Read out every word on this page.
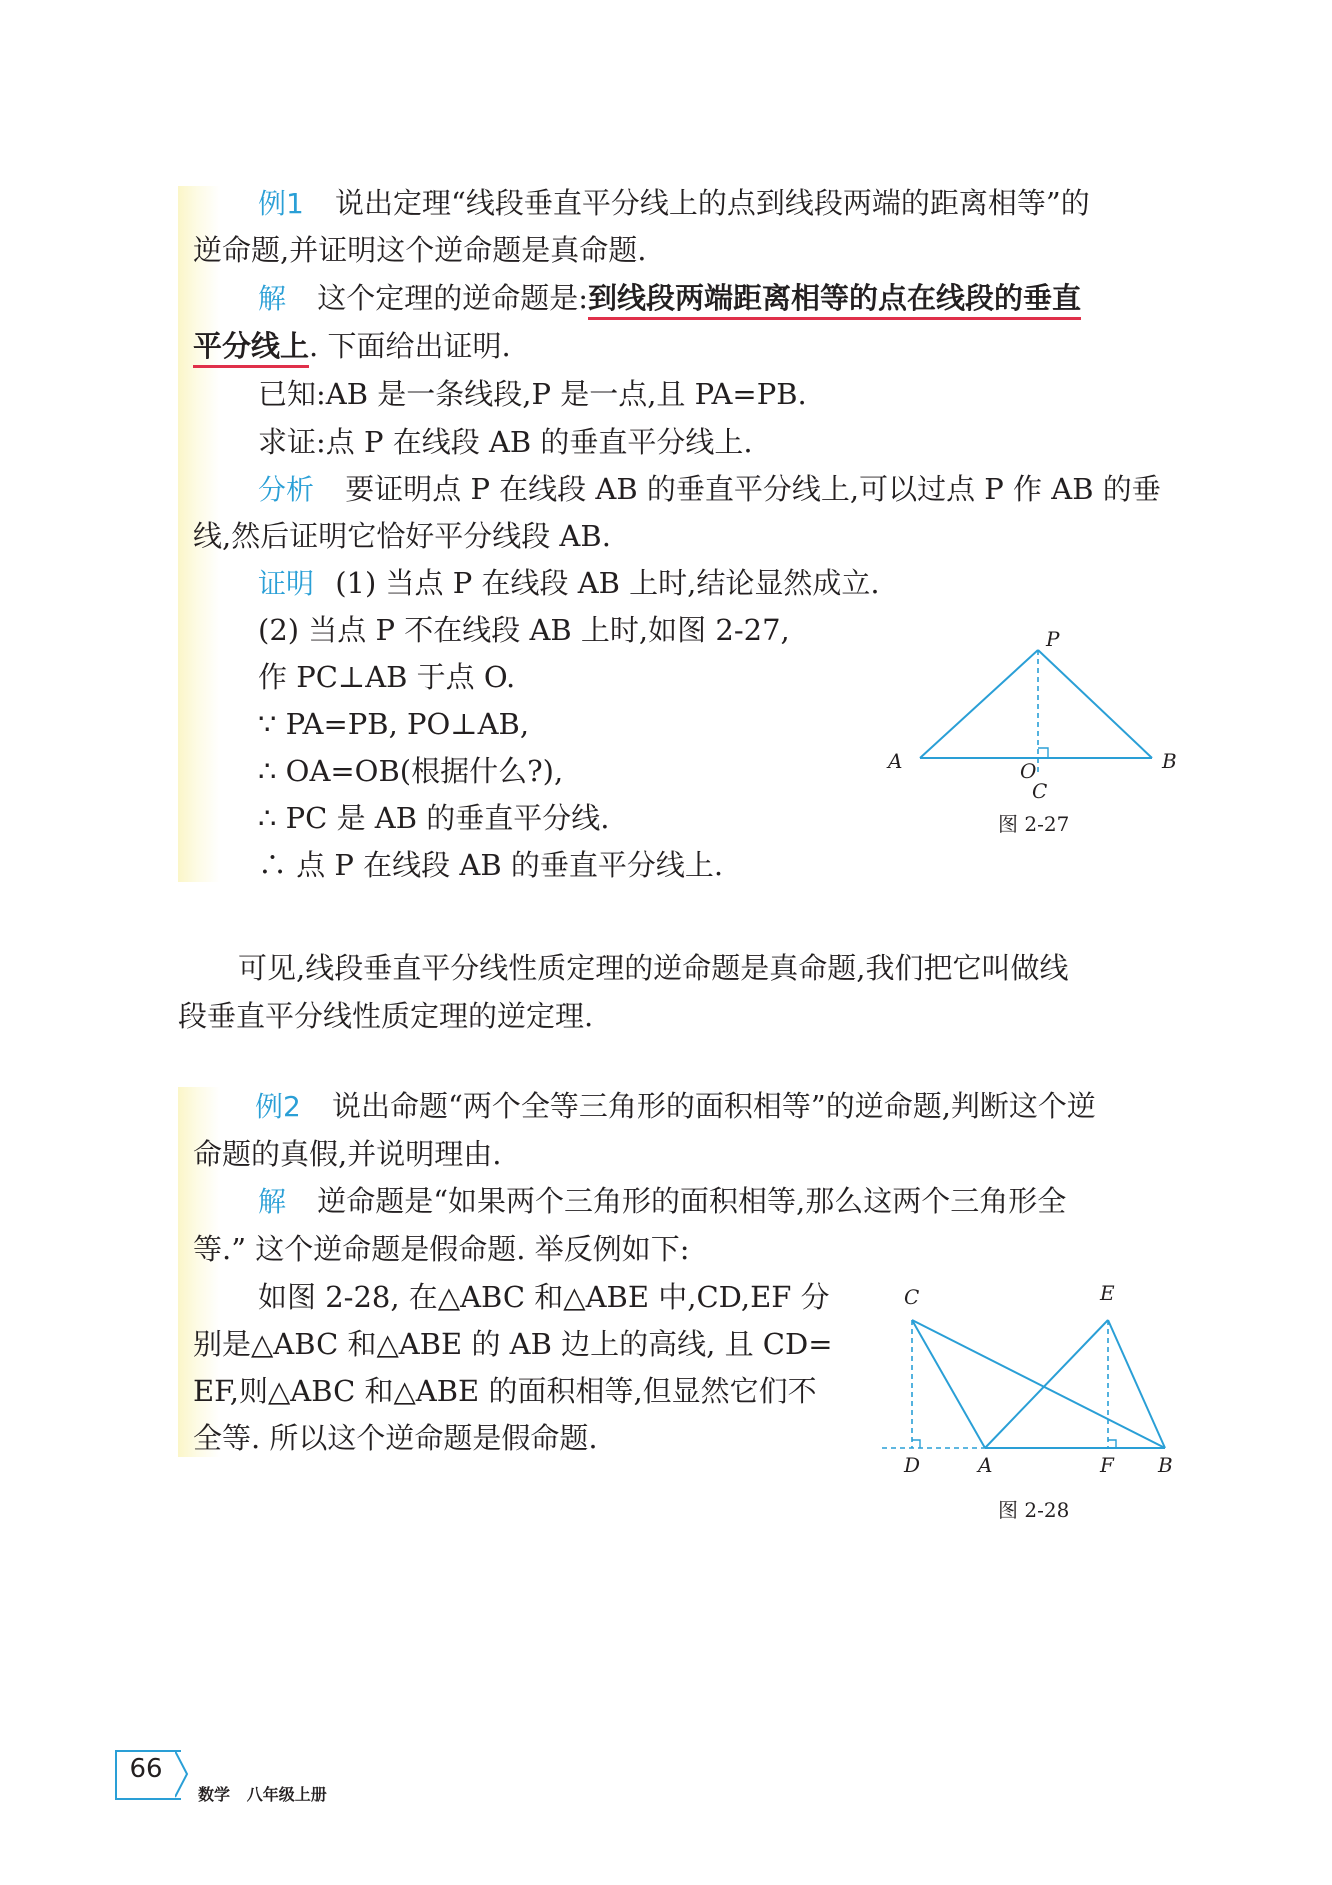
例1 说出定理“线段垂直平分线上的点到线段两端的距离相等”的
逆命题,并证明这个逆命题是真命题.
解 这个定理的逆命题是:到线段两端距离相等的点在线段的垂直
平分线上. 下面给出证明.
已知:AB 是一条线段,P 是一点,且 PA=PB.
求证:点 P 在线段 AB 的垂直平分线上.
分析 要证明点 P 在线段 AB 的垂直平分线上,可以过点 P 作 AB 的垂
线,然后证明它恰好平分线段 AB.
证明 (1) 当点 P 在线段 AB 上时,结论显然成立.
(2) 当点 P 不在线段 AB 上时,如图 2-27,
作 PC⊥AB 于点 O.
∵ PA=PB, PO⊥AB,
∴ OA=OB(根据什么?),
∴ PC 是 AB 的垂直平分线.
∴ 点 P 在线段 AB 的垂直平分线上.
P
A	B
O
C
图 2-27
可见,线段垂直平分线性质定理的逆命题是真命题,我们把它叫做线
段垂直平分线性质定理的逆定理.
例2 说出命题“两个全等三角形的面积相等”的逆命题,判断这个逆
命题的真假,并说明理由.
解 逆命题是“如果两个三角形的面积相等,那么这两个三角形全
等.” 这个逆命题是假命题. 举反例如下:
如图 2-28, 在△ABC 和△ABE 中,CD,EF 分
别是△ABC 和△ABE 的 AB 边上的高线, 且 CD=
EF,则△ABC 和△ABE 的面积相等,但显然它们不
全等. 所以这个逆命题是假命题.
C	E
D	A	F B
图 2-28
66
数学   八年级上册
